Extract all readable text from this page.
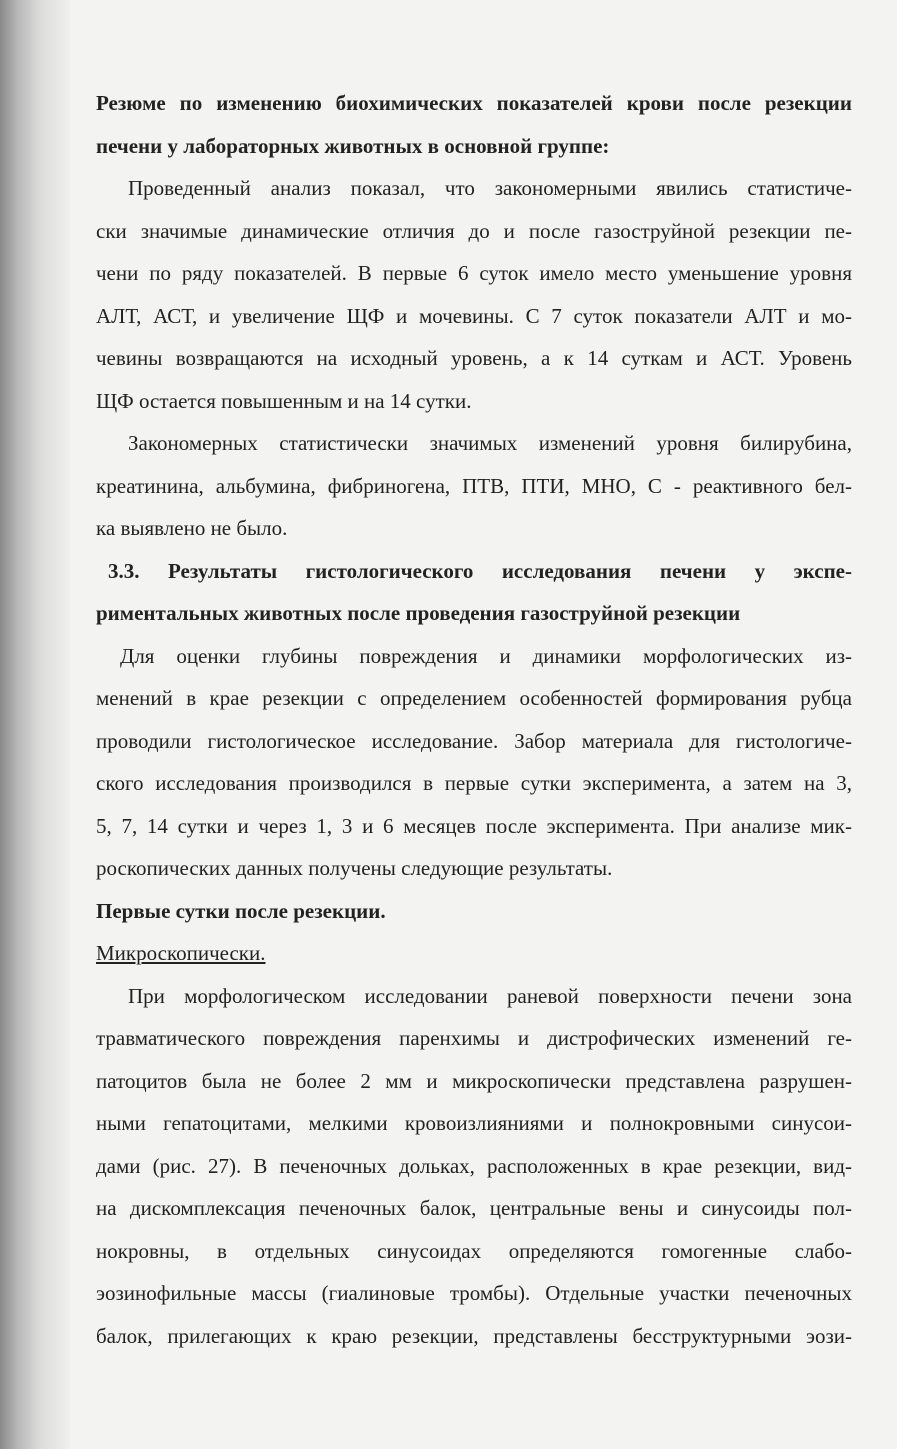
Резюме по изменению биохимических показателей крови после резекции
печени у лабораторных животных в основной группе:
Проведенный анализ показал, что закономерными явились статистиче-
ски значимые динамические отличия до и после газоструйной резекции пе-
чени по ряду показателей. В первые 6 суток имело место уменьшение уровня
АЛТ, АСТ, и увеличение ЩФ и мочевины. С 7 суток показатели АЛТ и мо-
чевины возвращаются на исходный уровень, а к 14 суткам и АСТ. Уровень
ЩФ остается повышенным и на 14 сутки.
Закономерных статистически значимых изменений уровня билирубина,
креатинина, альбумина, фибриногена, ПТВ, ПТИ, МНО, С - реактивного бел-
ка выявлено не было.
3.3. Результаты гистологического исследования печени у экспе-
риментальных животных после проведения газоструйной резекции
Для оценки глубины повреждения и динамики морфологических из-
менений в крае резекции с определением особенностей формирования рубца
проводили гистологическое исследование. Забор материала для гистологиче-
ского исследования производился в первые сутки эксперимента, а затем на 3,
5, 7, 14 сутки и через 1, 3 и 6 месяцев после эксперимента. При анализе мик-
роскопических данных получены следующие результаты.
Первые сутки после резекции.
Микроскопически.
При морфологическом исследовании раневой поверхности печени зона
травматического повреждения паренхимы и дистрофических изменений ге-
патоцитов была не более 2 мм и микроскопически представлена разрушен-
ными гепатоцитами, мелкими кровоизлияниями и полнокровными синусои-
дами (рис. 27). В печеночных дольках, расположенных в крае резекции, вид-
на дискомплексация печеночных балок, центральные вены и синусоиды пол-
нокровны, в отдельных синусоидах определяются гомогенные слабо-
эозинофильные массы (гиалиновые тромбы). Отдельные участки печеночных
балок, прилегающих к краю резекции, представлены бесструктурными эози-
